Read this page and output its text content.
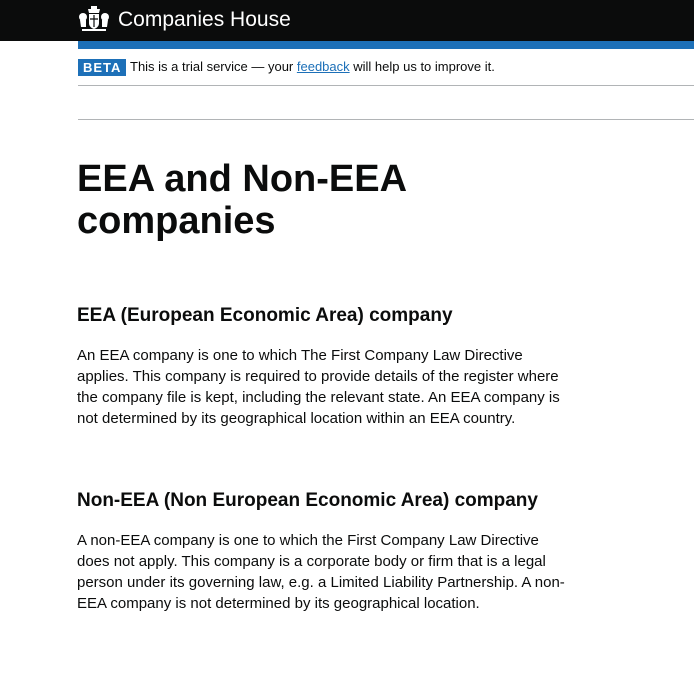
Companies House
BETA This is a trial service — your feedback will help us to improve it.
EEA and Non-EEA companies
EEA (European Economic Area) company

An EEA company is one to which The First Company Law Directive applies. This company is required to provide details of the register where the company file is kept, including the relevant state. An EEA company is not determined by its geographical location within an EEA country.

Non-EEA (Non European Economic Area) company

A non-EEA company is one to which the First Company Law Directive does not apply. This company is a corporate body or firm that is a legal person under its governing law, e.g. a Limited Liability Partnership. A non-EEA company is not determined by its geographical location.
